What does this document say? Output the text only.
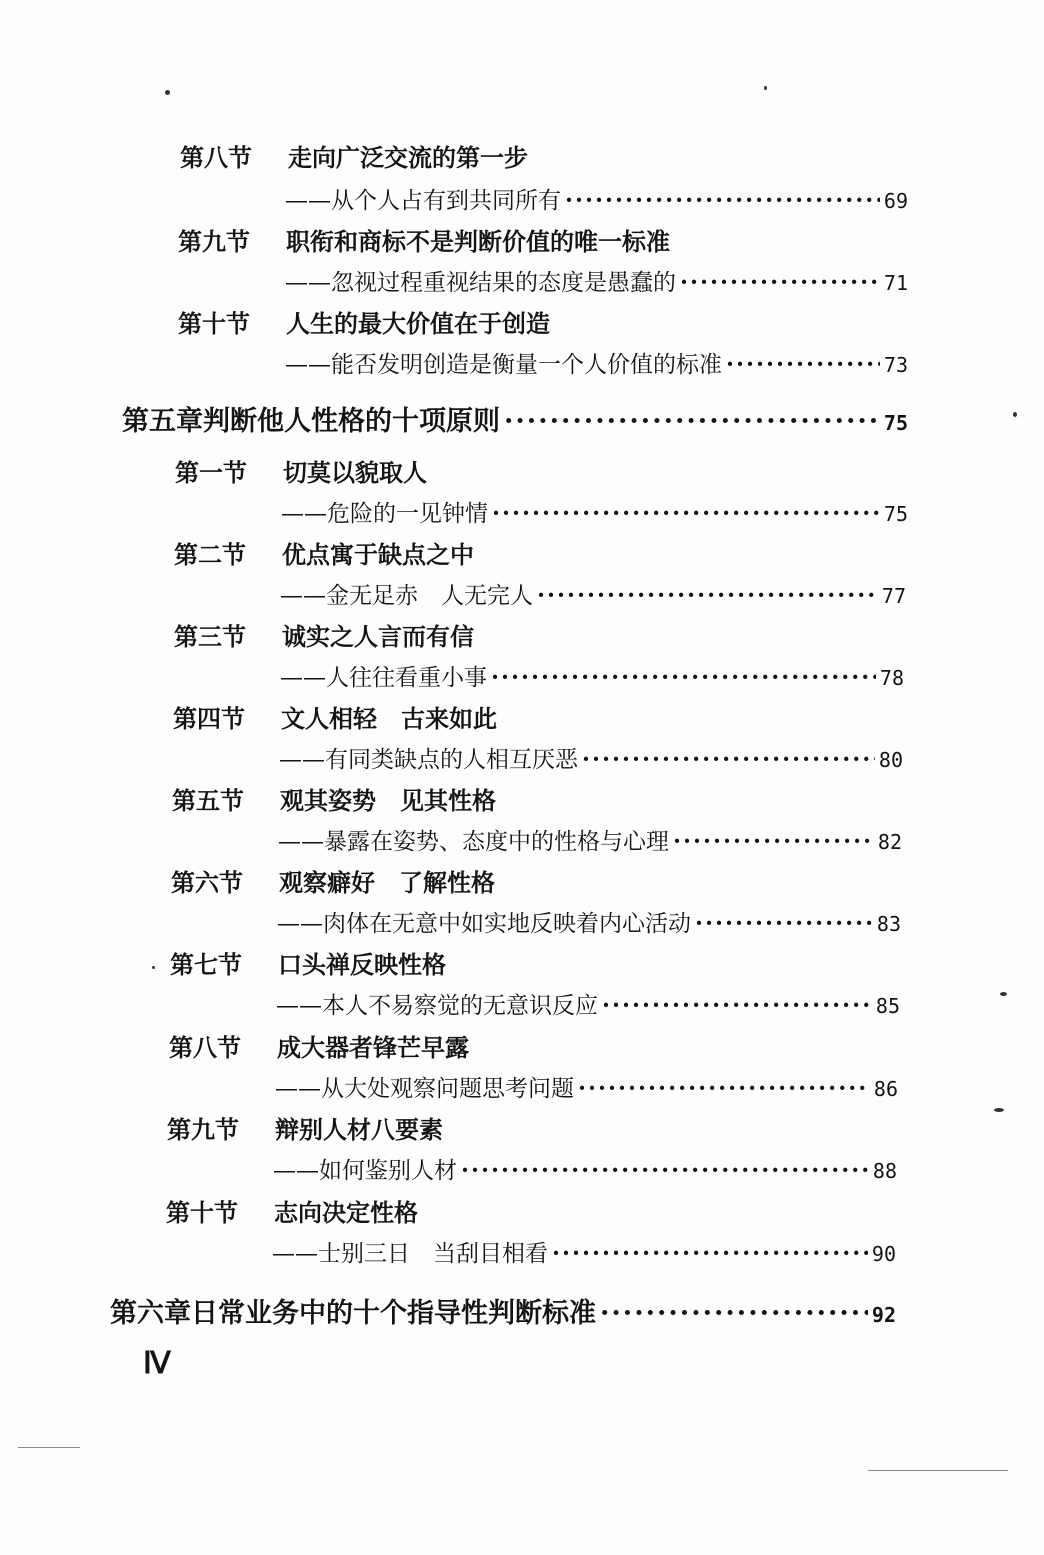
第八节	走向广泛交流的第一步
——从个人占有到共同所有 ·····	69
第九节	职衔和商标不是判断价值的唯一标准
——忽视过程重视结果的态度是愚蠢的 ·····	71
第十节	人生的最大价值在于创造
——能否发明创造是衡量一个人价值的标准 ·····	73
第五章 判断他人性格的十项原则 ·····	75
第一节	切莫以貌取人
——危险的一见钟情 ·····	75
第二节	优点寓于缺点之中
——金无足赤　人无完人 ·····	77
第三节	诚实之人言而有信
——人往往看重小事 ·····	78
第四节	文人相轻　古来如此
——有同类缺点的人相互厌恶 ·····	80
第五节	观其姿势　见其性格
——暴露在姿势、态度中的性格与心理 ·····	82
第六节	观察癖好　了解性格
——肉体在无意中如实地反映着内心活动 ·····	83
第七节	口头禅反映性格
——本人不易察觉的无意识反应 ·····	85
第八节	成大器者锋芒早露
——从大处观察问题思考问题 ·····	86
第九节	辩别人材八要素
——如何鉴别人材 ·····	88
第十节	志向决定性格
——士别三日　当刮目相看 ·····	90
第六章 日常业务中的十个指导性判断标准 ·····	92
Ⅳ
